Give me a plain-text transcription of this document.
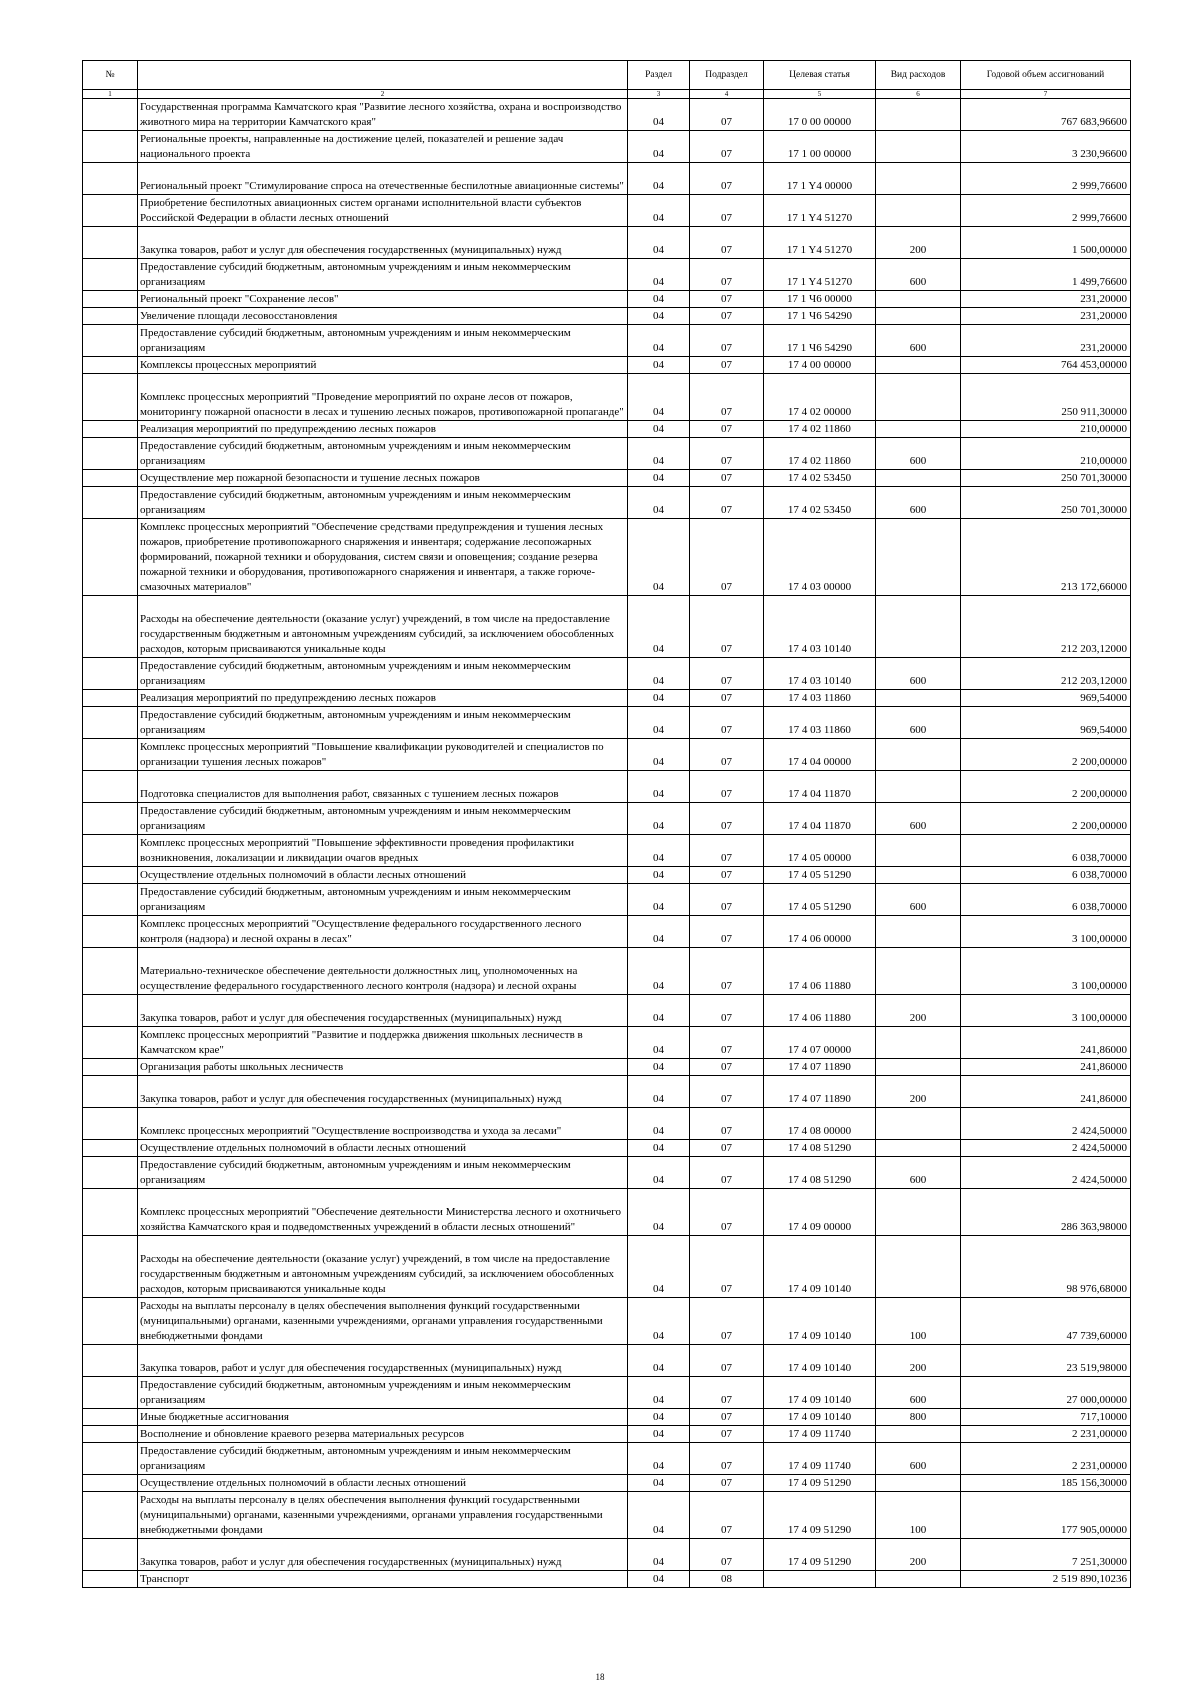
№		Раздел	Подраздел	Целевая статья	Вид расходов	Годовой объем ассигнований
1	2	3	4	5	6	7
	Государственная программа Камчатского края "Развитие лесного хозяйства, охрана и воспроизводство животного мира на территории Камчатского края"	04	07	17 0 00 00000		767 683,96600
	Региональные проекты, направленные на достижение целей, показателей и решение задач национального проекта	04	07	17 1 00 00000		3 230,96600
	Региональный проект "Стимулирование спроса на отечественные беспилотные авиационные системы"	04	07	17 1 Y4 00000		2 999,76600
	Приобретение беспилотных авиационных систем органами исполнительной власти субъектов Российской Федерации в области лесных отношений	04	07	17 1 Y4 51270		2 999,76600
	Закупка товаров, работ и услуг для обеспечения государственных (муниципальных) нужд	04	07	17 1 Y4 51270	200	1 500,00000
	Предоставление субсидий бюджетным, автономным учреждениям и иным некоммерческим организациям	04	07	17 1 Y4 51270	600	1 499,76600
	Региональный проект "Сохранение лесов"	04	07	17 1 Ч6 00000		231,20000
	Увеличение площади лесовосстановления	04	07	17 1 Ч6 54290		231,20000
	Предоставление субсидий бюджетным, автономным учреждениям и иным некоммерческим организациям	04	07	17 1 Ч6 54290	600	231,20000
	Комплексы процессных мероприятий	04	07	17 4 00 00000		764 453,00000
	Комплекс процессных мероприятий "Проведение мероприятий по охране лесов от пожаров, мониторингу пожарной опасности в лесах и тушению лесных пожаров, противопожарной пропаганде"	04	07	17 4 02 00000		250 911,30000
	Реализация мероприятий по предупреждению лесных пожаров	04	07	17 4 02 11860		210,00000
	Предоставление субсидий бюджетным, автономным учреждениям и иным некоммерческим организациям	04	07	17 4 02 11860	600	210,00000
	Осуществление мер пожарной безопасности и тушение лесных пожаров	04	07	17 4 02 53450		250 701,30000
	Предоставление субсидий бюджетным, автономным учреждениям и иным некоммерческим организациям	04	07	17 4 02 53450	600	250 701,30000
	Комплекс процессных мероприятий "Обеспечение средствами предупреждения и тушения лесных пожаров, приобретение противопожарного снаряжения и инвентаря; содержание лесопожарных формирований, пожарной техники и оборудования, систем связи и оповещения; создание резерва пожарной техники и оборудования, противопожарного снаряжения и инвентаря, а также горюче-смазочных материалов"	04	07	17 4 03 00000		213 172,66000
	Расходы на обеспечение деятельности (оказание услуг) учреждений, в том числе на предоставление государственным бюджетным и автономным учреждениям субсидий, за исключением обособленных расходов, которым присваиваются уникальные коды	04	07	17 4 03 10140		212 203,12000
	Предоставление субсидий бюджетным, автономным учреждениям и иным некоммерческим организациям	04	07	17 4 03 10140	600	212 203,12000
	Реализация мероприятий по предупреждению лесных пожаров	04	07	17 4 03 11860		969,54000
	Предоставление субсидий бюджетным, автономным учреждениям и иным некоммерческим организациям	04	07	17 4 03 11860	600	969,54000
	Комплекс процессных мероприятий "Повышение квалификации руководителей и специалистов по организации тушения лесных пожаров"	04	07	17 4 04 00000		2 200,00000
	Подготовка специалистов для выполнения работ, связанных с тушением лесных пожаров	04	07	17 4 04 11870		2 200,00000
	Предоставление субсидий бюджетным, автономным учреждениям и иным некоммерческим организациям	04	07	17 4 04 11870	600	2 200,00000
	Комплекс процессных мероприятий "Повышение эффективности проведения профилактики возникновения, локализации и ликвидации очагов вредных	04	07	17 4 05 00000		6 038,70000
	Осуществление отдельных полномочий в области лесных отношений	04	07	17 4 05 51290		6 038,70000
	Предоставление субсидий бюджетным, автономным учреждениям и иным некоммерческим организациям	04	07	17 4 05 51290	600	6 038,70000
	Комплекс процессных мероприятий "Осуществление федерального государственного лесного контроля (надзора) и лесной охраны в лесах"	04	07	17 4 06 00000		3 100,00000
	Материально-техническое обеспечение деятельности должностных лиц, уполномоченных на осуществление федерального государственного лесного контроля (надзора) и лесной охраны	04	07	17 4 06 11880		3 100,00000
	Закупка товаров, работ и услуг для обеспечения государственных (муниципальных) нужд	04	07	17 4 06 11880	200	3 100,00000
	Комплекс процессных мероприятий "Развитие и поддержка движения школьных лесничеств в Камчатском крае"	04	07	17 4 07 00000		241,86000
	Организация работы школьных лесничеств	04	07	17 4 07 11890		241,86000
	Закупка товаров, работ и услуг для обеспечения государственных (муниципальных) нужд	04	07	17 4 07 11890	200	241,86000
	Комплекс процессных мероприятий "Осуществление воспроизводства и ухода за лесами"	04	07	17 4 08 00000		2 424,50000
	Осуществление отдельных полномочий в области лесных отношений	04	07	17 4 08 51290		2 424,50000
	Предоставление субсидий бюджетным, автономным учреждениям и иным некоммерческим организациям	04	07	17 4 08 51290	600	2 424,50000
	Комплекс процессных мероприятий "Обеспечение деятельности Министерства лесного и охотничьего хозяйства Камчатского края и подведомственных учреждений в области лесных отношений"	04	07	17 4 09 00000		286 363,98000
	Расходы на обеспечение деятельности (оказание услуг) учреждений, в том числе на предоставление государственным бюджетным и автономным учреждениям субсидий, за исключением обособленных расходов, которым присваиваются уникальные коды	04	07	17 4 09 10140		98 976,68000
	Расходы на выплаты персоналу в целях обеспечения выполнения функций государственными (муниципальными) органами, казенными учреждениями, органами управления государственными внебюджетными фондами	04	07	17 4 09 10140	100	47 739,60000
	Закупка товаров, работ и услуг для обеспечения государственных (муниципальных) нужд	04	07	17 4 09 10140	200	23 519,98000
	Предоставление субсидий бюджетным, автономным учреждениям и иным некоммерческим организациям	04	07	17 4 09 10140	600	27 000,00000
	Иные бюджетные ассигнования	04	07	17 4 09 10140	800	717,10000
	Восполнение и обновление краевого резерва материальных ресурсов	04	07	17 4 09 11740		2 231,00000
	Предоставление субсидий бюджетным, автономным учреждениям и иным некоммерческим организациям	04	07	17 4 09 11740	600	2 231,00000
	Осуществление отдельных полномочий в области лесных отношений	04	07	17 4 09 51290		185 156,30000
	Расходы на выплаты персоналу в целях обеспечения выполнения функций государственными (муниципальными) органами, казенными учреждениями, органами управления государственными внебюджетными фондами	04	07	17 4 09 51290	100	177 905,00000
	Закупка товаров, работ и услуг для обеспечения государственных (муниципальных) нужд	04	07	17 4 09 51290	200	7 251,30000
	Транспорт	04	08			2 519 890,10236
18
